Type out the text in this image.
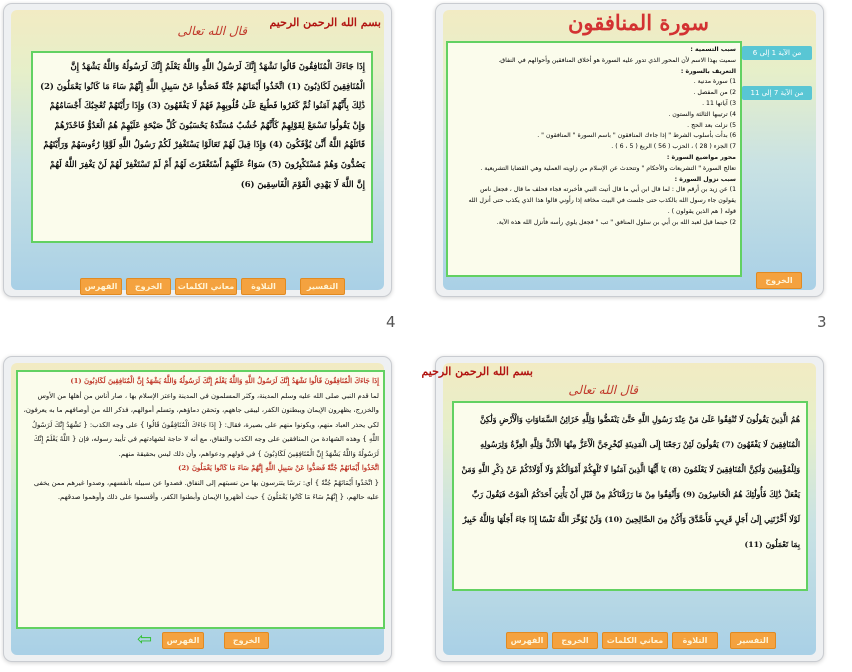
سورة المنافقون
من الآية 1 إلى 6
من الآية 7 إلى 11
سبب التسمية :
سميت بهذا الاسم لأن المحور الذي تدور عليه السورة هو أخلاق المنافقين وأحوالهم في النفاق.
التعريف بالسورة :
1) سورة مدنية .
2) من المفصل .
3) آياتها 11 .
4) ترتيبها الثالثة والستون .
5) نزلت بعد الحج .
6) بدأت بأسلوب الشرط " إذا جاءك المنافقون " باسم السورة " المنافقون " .
7) الجزء ( 28 ) ، الحزب ( 56 ) الربع ( 5 ، 6 ) .
محور مواضيع السورة :
تعالج السورة " التشريعات والأحكام " وتتحدث عن الإسلام من زاويته العملية وهي القضايا التشريعية .
سبب نزول السورة :
1) عن زيد بن أرقم قال : لما قال ابن أبي ما قال أتيت النبي فأخبرته فجاء فحلف ما قال ، فجعل ناس
يقولون جاء رسول الله بالكذب حتى جلست في البيت مخافة إذا رأوني قالوا هذا الذي يكذب حتى أنزل الله
قوله ( هم الذين يقولون ) .
2) حينما قيل لعبد الله بن أبي بن سلول المنافق " تب " فجعل يلوي رأسه فأنزل الله هذه الآية.
الخروج
3
بسم الله الرحمن الرحيم
قال الله تعالى
إِذَا جَاءَكَ الْمُنَافِقُونَ قَالُوا نَشْهَدُ إِنَّكَ لَرَسُولُ اللَّهِ وَاللَّهُ يَعْلَمُ إِنَّكَ لَرَسُولُهُ وَاللَّهُ يَشْهَدُ إِنَّ الْمُنَافِقِينَ لَكَاذِبُونَ (1) اتَّخَذُوا أَيْمَانَهُمْ جُنَّةً فَصَدُّوا عَنْ سَبِيلِ اللَّهِ إِنَّهُمْ سَاءَ مَا كَانُوا يَعْمَلُونَ (2) ذَٰلِكَ بِأَنَّهُمْ آمَنُوا ثُمَّ كَفَرُوا فَطُبِعَ عَلَىٰ قُلُوبِهِمْ فَهُمْ لَا يَفْقَهُونَ (3) وَإِذَا رَأَيْتَهُمْ تُعْجِبُكَ أَجْسَامُهُمْ وَإِنْ يَقُولُوا تَسْمَعْ لِقَوْلِهِمْ كَأَنَّهُمْ خُشُبٌ مُسَنَّدَةٌ يَحْسَبُونَ كُلَّ صَيْحَةٍ عَلَيْهِمْ هُمُ الْعَدُوُّ فَاحْذَرْهُمْ قَاتَلَهُمُ اللَّهُ أَنَّىٰ يُؤْفَكُونَ (4) وَإِذَا قِيلَ لَهُمْ تَعَالَوْا يَسْتَغْفِرْ لَكُمْ رَسُولُ اللَّهِ لَوَّوْا رُءُوسَهُمْ وَرَأَيْتَهُمْ يَصُدُّونَ وَهُمْ مُسْتَكْبِرُونَ (5) سَوَاءٌ عَلَيْهِمْ أَسْتَغْفَرْتَ لَهُمْ أَمْ لَمْ تَسْتَغْفِرْ لَهُمْ لَنْ يَغْفِرَ اللَّهُ لَهُمْ إِنَّ اللَّهَ لَا يَهْدِي الْقَوْمَ الْفَاسِقِينَ (6)
الفهرس	الخروج	معاني الكلمات	التلاوة	التفسير
4
إِذَا جَاءَكَ الْمُنَافِقُونَ قَالُوا نَشْهَدُ إِنَّكَ لَرَسُولُ اللَّهِ وَاللَّهُ يَعْلَمُ إِنَّكَ لَرَسُولُهُ وَاللَّهُ يَشْهَدُ إِنَّ الْمُنَافِقِينَ لَكَاذِبُونَ (1)
لما قدم النبي صلى الله عليه وسلم المدينة، وكثر المسلمون في المدينة واعتز الإسلام بها ، صار أناس من أهلها من الأوس والخزرج، يظهرون الإيمان ويبطنون الكفر، ليبقى جاههم، وتحقن دماؤهم، وتسلم أموالهم، فذكر الله من أوصافهم ما به يعرفون، لكي يحذر العباد منهم، ويكونوا منهم على بصيرة، فقال: { إِذَا جَاءَكَ الْمُنَافِقُونَ قَالُوا } على وجه الكذب: { نَشْهَدُ إِنَّكَ لَرَسُولُ اللَّهِ } وهذه الشهادة من المنافقين على وجه الكذب والنفاق، مع أنه لا حاجة لشهادتهم في تأييد رسوله، فإن { اللَّهُ يَعْلَمُ إِنَّكَ لَرَسُولُهُ وَاللَّهُ يَشْهَدُ إِنَّ الْمُنَافِقِينَ لَكَاذِبُونَ } في قولهم ودعواهم، وأن ذلك ليس بحقيقة منهم.
اتَّخَذُوا أَيْمَانَهُمْ جُنَّةً فَصَدُّوا عَنْ سَبِيلِ اللَّهِ إِنَّهُمْ سَاءَ مَا كَانُوا يَعْمَلُونَ (2)
{ اتَّخَذُوا أَيْمَانَهُمْ جُنَّةً } أي: ترسًا يتترسون بها من نسبتهم إلى النفاق. فصدوا عن سبيله بأنفسهم، وصدوا غيرهم ممن يخفى عليه حالهم، { إِنَّهُمْ سَاءَ مَا كَانُوا يَعْمَلُونَ } حيث أظهروا الإيمان وأبطنوا الكفر، وأقسموا على ذلك وأوهموا صدقهم.
⇦	الفهرس	الخروج
بسم الله الرحمن الرحيم
قال الله تعالى
هُمُ الَّذِينَ يَقُولُونَ لَا تُنْفِقُوا عَلَىٰ مَنْ عِنْدَ رَسُولِ اللَّهِ حَتَّىٰ يَنْفَضُّوا وَلِلَّهِ خَزَائِنُ السَّمَاوَاتِ وَالْأَرْضِ وَلَٰكِنَّ الْمُنَافِقِينَ لَا يَفْقَهُونَ (7) يَقُولُونَ لَئِنْ رَجَعْنَا إِلَى الْمَدِينَةِ لَيُخْرِجَنَّ الْأَعَزُّ مِنْهَا الْأَذَلَّ وَلِلَّهِ الْعِزَّةُ وَلِرَسُولِهِ وَلِلْمُؤْمِنِينَ وَلَٰكِنَّ الْمُنَافِقِينَ لَا يَعْلَمُونَ (8) يَا أَيُّهَا الَّذِينَ آمَنُوا لَا تُلْهِكُمْ أَمْوَالُكُمْ وَلَا أَوْلَادُكُمْ عَنْ ذِكْرِ اللَّهِ وَمَنْ يَفْعَلْ ذَٰلِكَ فَأُولَٰئِكَ هُمُ الْخَاسِرُونَ (9) وَأَنْفِقُوا مِنْ مَا رَزَقْنَاكُمْ مِنْ قَبْلِ أَنْ يَأْتِيَ أَحَدَكُمُ الْمَوْتُ فَيَقُولَ رَبِّ لَوْلَا أَخَّرْتَنِي إِلَىٰ أَجَلٍ قَرِيبٍ فَأَصَّدَّقَ وَأَكُنْ مِنَ الصَّالِحِينَ (10) وَلَنْ يُؤَخِّرَ اللَّهُ نَفْسًا إِذَا جَاءَ أَجَلُهَا وَاللَّهُ خَبِيرٌ بِمَا تَعْمَلُونَ (11)
الفهرس	الخروج	معاني الكلمات	التلاوة	التفسير
